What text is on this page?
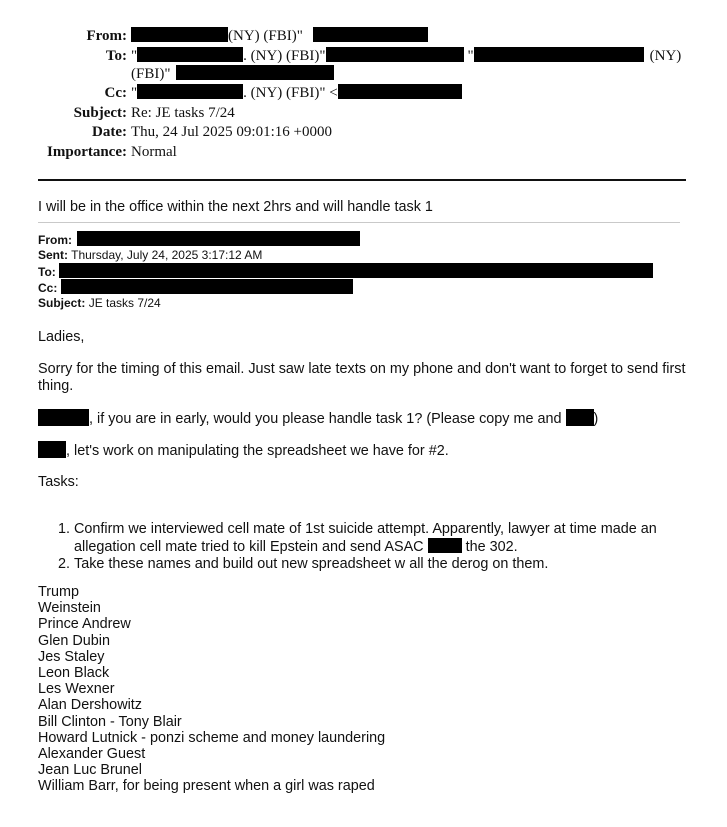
From:	(NY) (FBI)"
To: "	. (NY) (FBI)"	"	(NY)
(FBI)"
Cc: "	. (NY) (FBI)" <
Subject: Re: JE tasks 7/24
Date: Thu, 24 Jul 2025 09:01:16 +0000
Importance: Normal
I will be in the office within the next 2hrs and will handle task 1
From:
Sent: Thursday, July 24, 2025 3:17:12 AM
To:
Cc:
Subject: JE tasks 7/24
Ladies,
Sorry for the timing of this email. Just saw late texts on my phone and don't want to forget to send first thing.
, if you are in early, would you please handle task 1? (Please copy me and )
, let's work on manipulating the spreadsheet we have for #2.
Tasks:
1. Confirm we interviewed cell mate of 1st suicide attempt. Apparently, lawyer at time made an allegation cell mate tried to kill Epstein and send ASAC	the 302.
2. Take these names and build out new spreadsheet w all the derog on them.
Trump
Weinstein
Prince Andrew
Glen Dubin
Jes Staley
Leon Black
Les Wexner
Alan Dershowitz
Bill Clinton - Tony Blair
Howard Lutnick - ponzi scheme and money laundering
Alexander Guest
Jean Luc Brunel
William Barr, for being present when a girl was raped
